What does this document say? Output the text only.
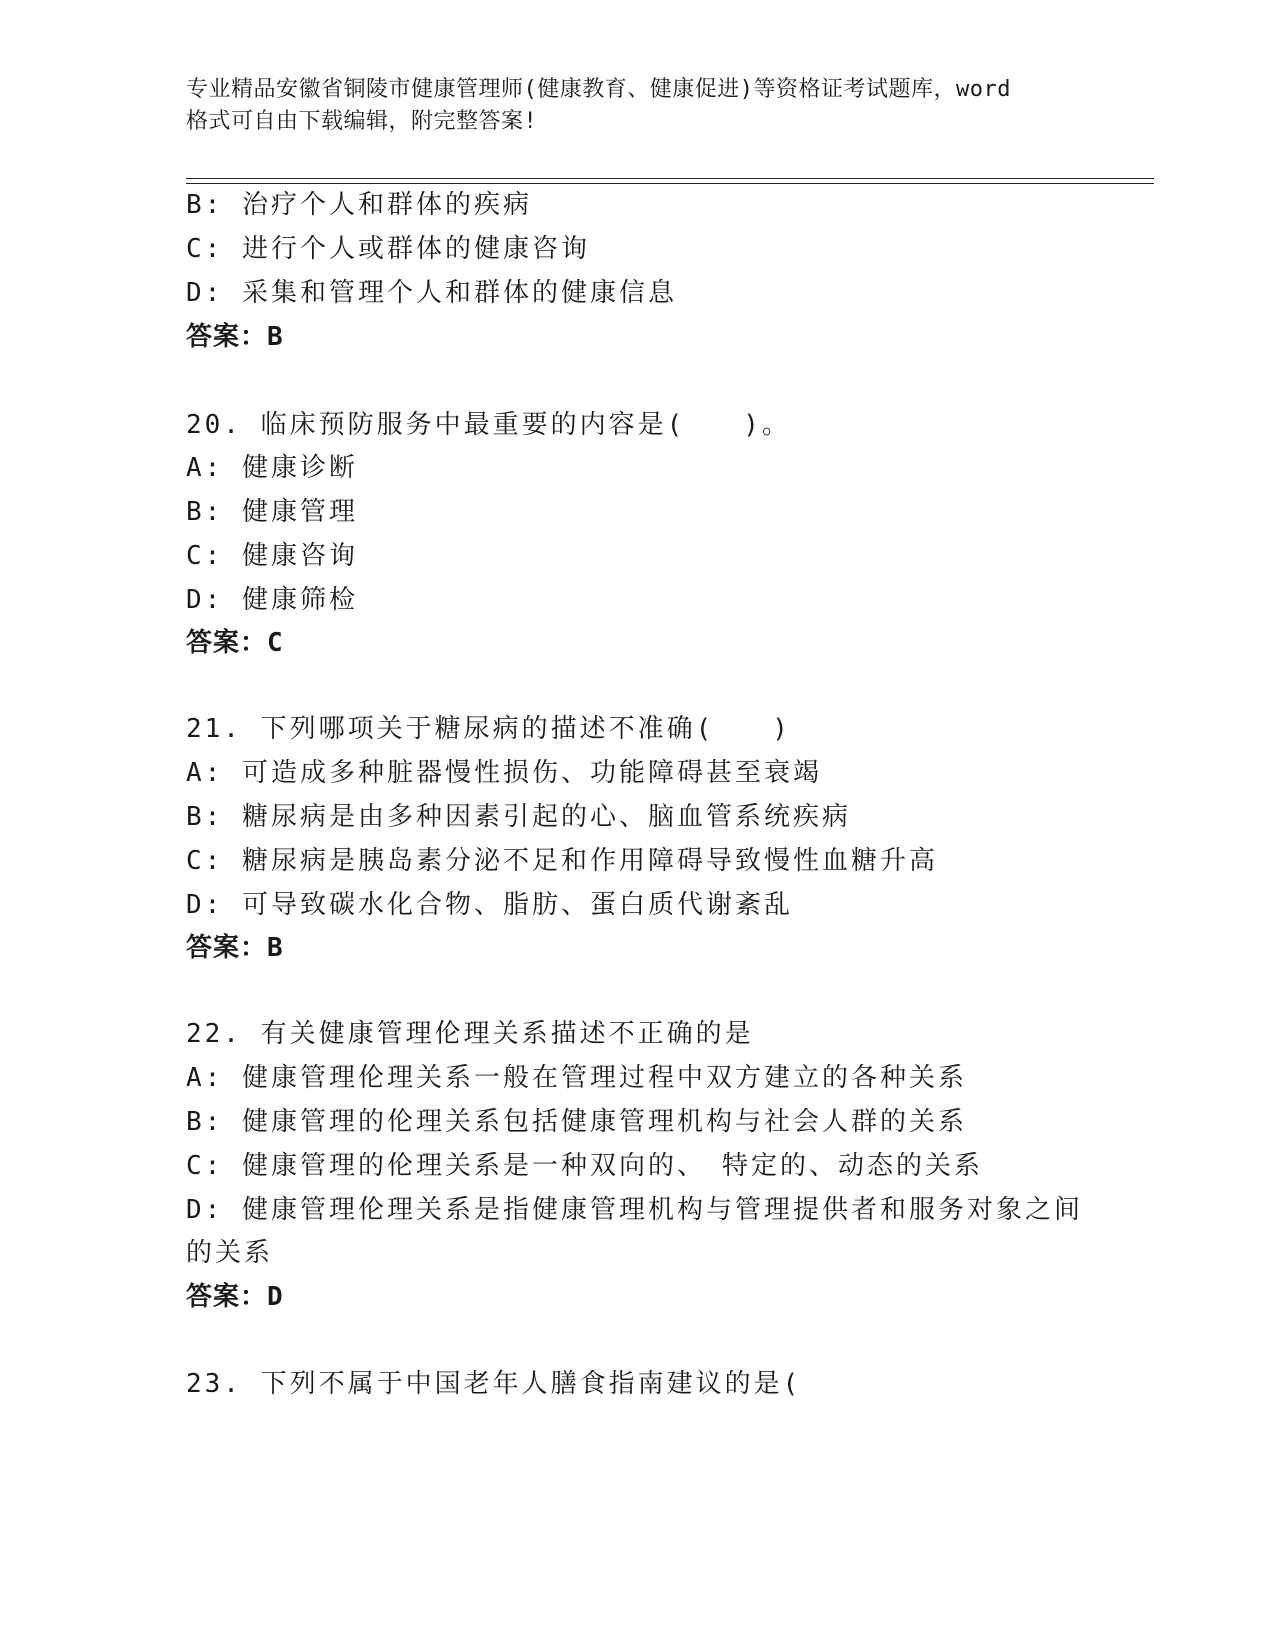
专业精品安徽省铜陵市健康管理师(健康教育、健康促进)等资格证考试题库，word
格式可自由下载编辑，附完整答案!
B: 治疗个人和群体的疾病
C: 进行个人或群体的健康咨询
D: 采集和管理个人和群体的健康信息
答案：B
20. 临床预防服务中最重要的内容是(　　)。
A: 健康诊断
B: 健康管理
C: 健康咨询
D: 健康筛检
答案：C
21. 下列哪项关于糖尿病的描述不准确(　　)
A: 可造成多种脏器慢性损伤、功能障碍甚至衰竭
B: 糖尿病是由多种因素引起的心、脑血管系统疾病
C: 糖尿病是胰岛素分泌不足和作用障碍导致慢性血糖升高
D: 可导致碳水化合物、脂肪、蛋白质代谢紊乱
答案：B
22. 有关健康管理伦理关系描述不正确的是
A: 健康管理伦理关系一般在管理过程中双方建立的各种关系
B: 健康管理的伦理关系包括健康管理机构与社会人群的关系
C: 健康管理的伦理关系是一种双向的、　特定的、动态的关系
D: 健康管理伦理关系是指健康管理机构与管理提供者和服务对象之间
的关系
答案：D
23. 下列不属于中国老年人膳食指南建议的是(
